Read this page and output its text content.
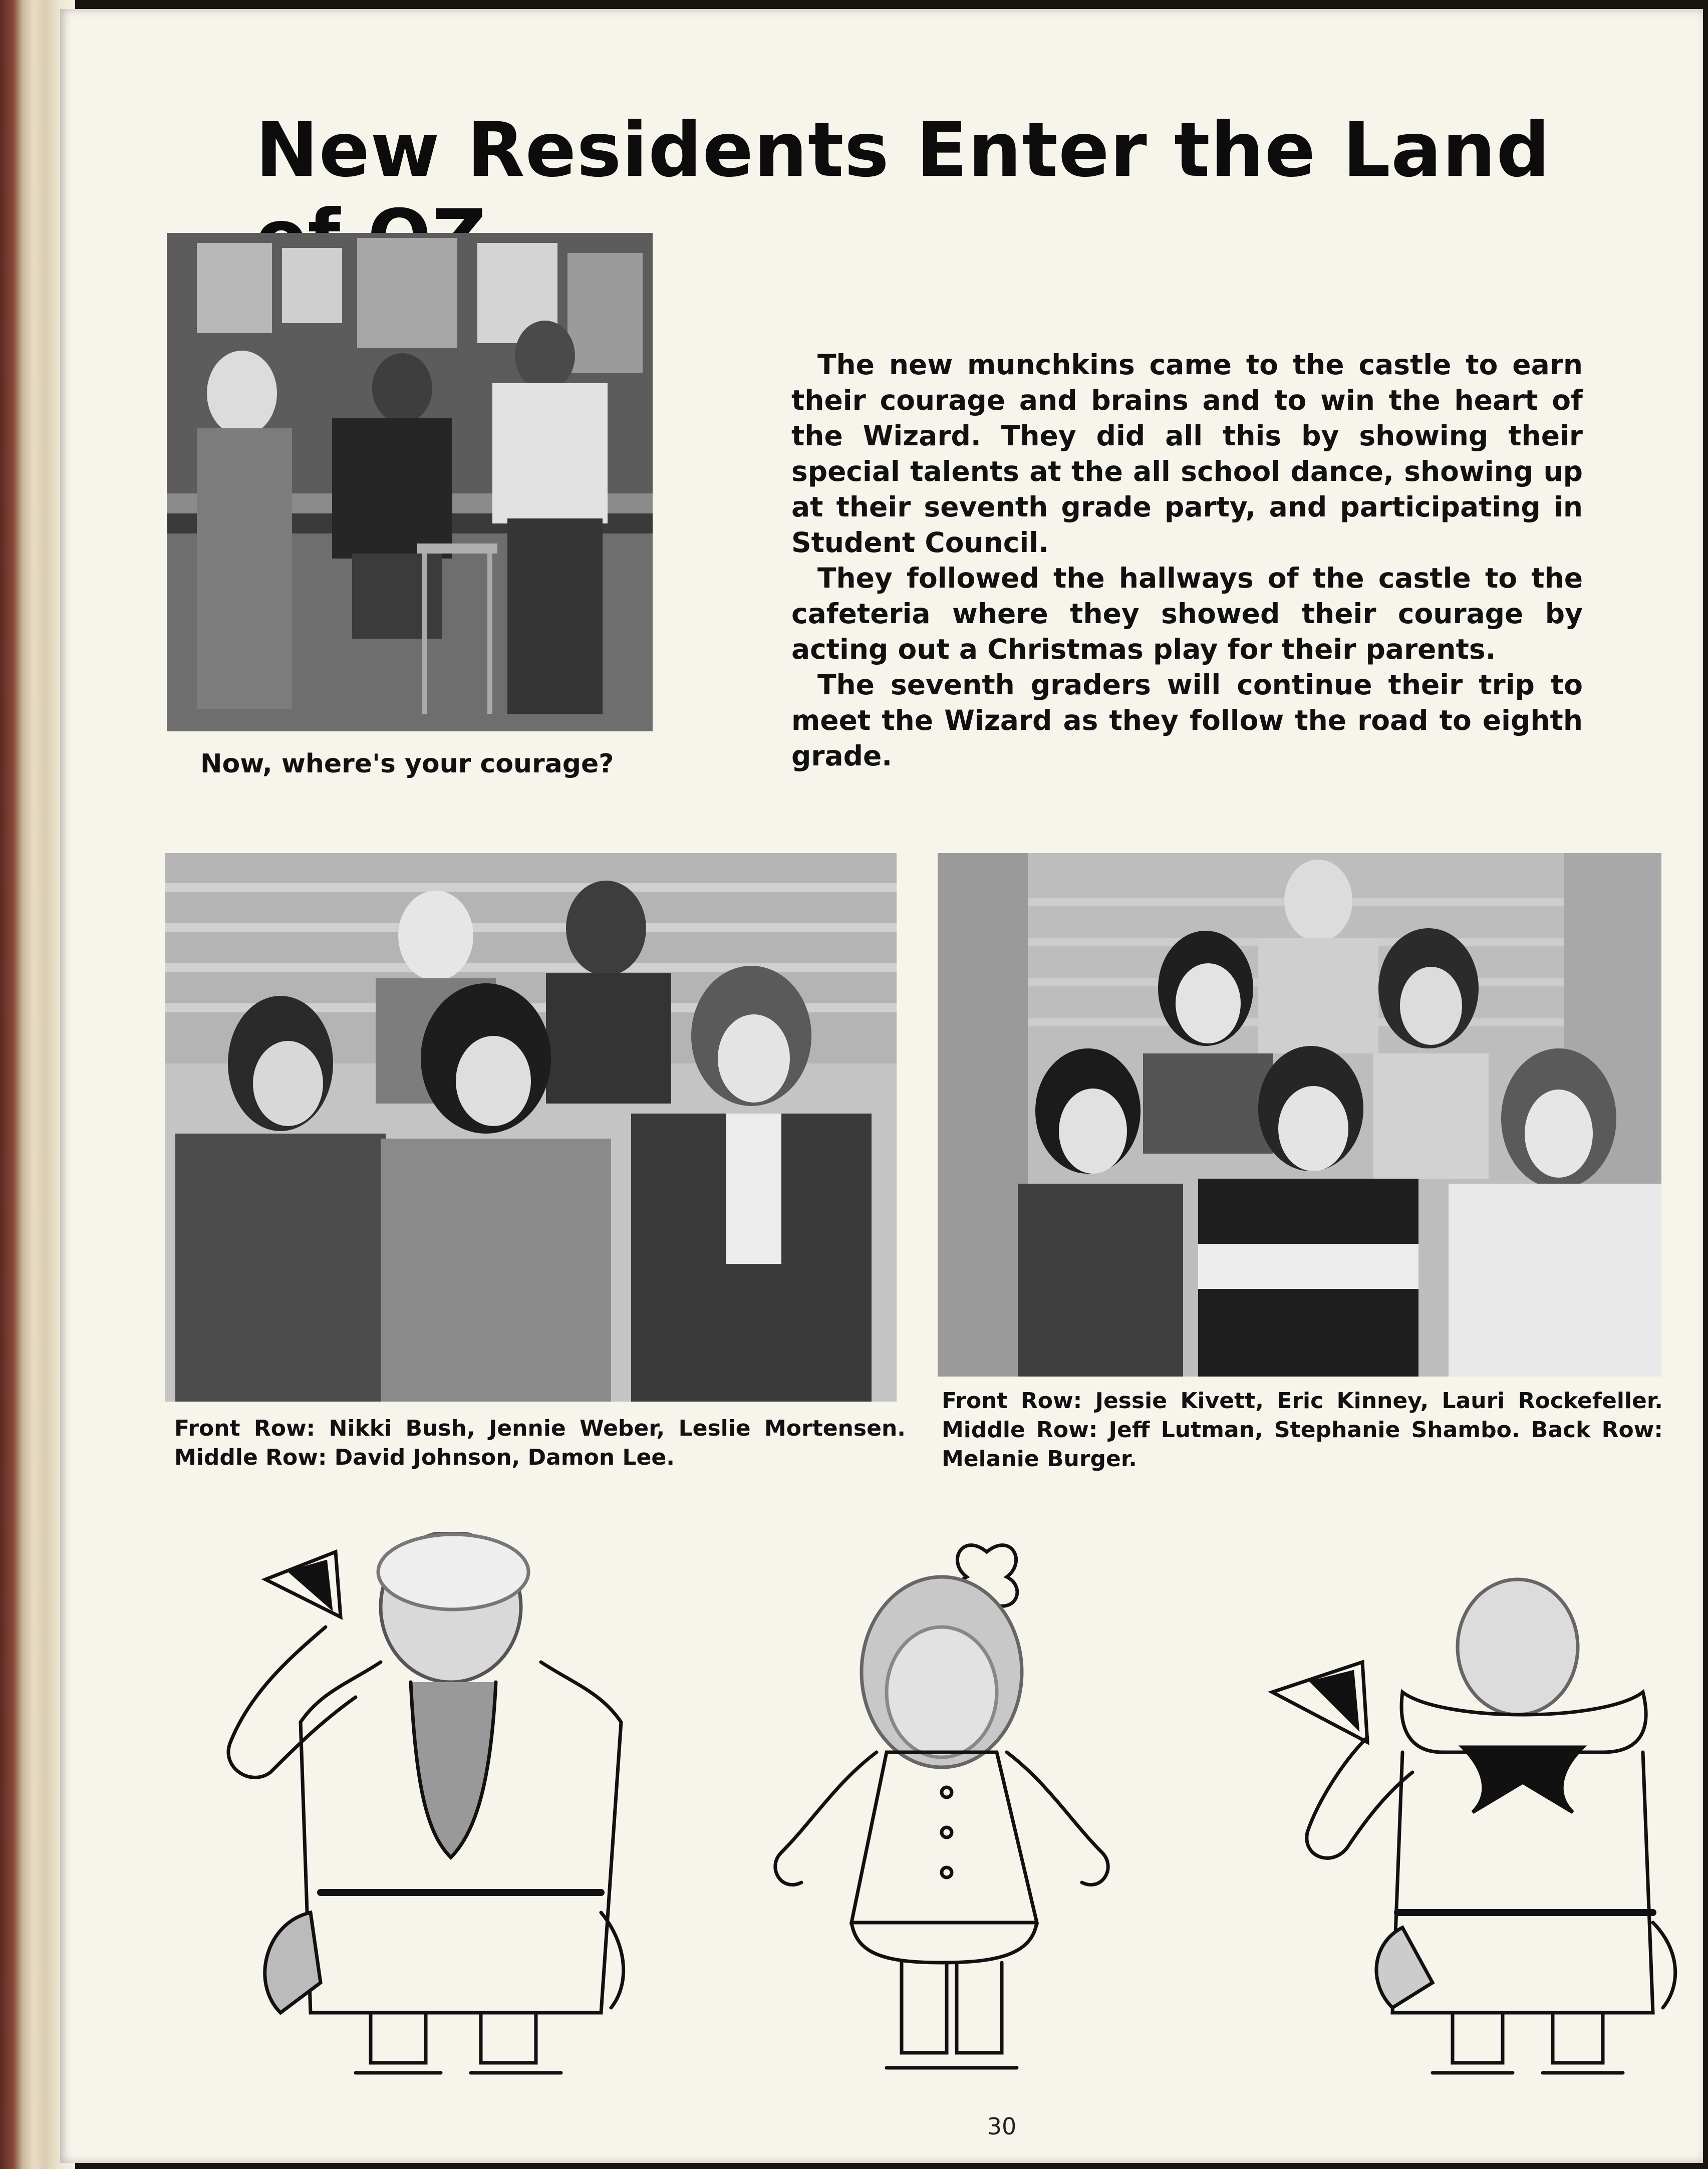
New Residents Enter the Land

Now, where's your courage?

The new munchkins came to the castle to earn their courage and brains and to win the heart of the Wizard. They did all this by showing their special talents at the all school dance, showing up at their seventh grade party, and participating in Student Council.

They followed the hallways of the castle to the cafeteria where they showed their courage by acting out a Christmas play for their parents.

The seventh graders will continue their trip to meet the Wizard as they follow the road to eighth grade.

Front Row: Nikki Bush, Jennie Weber, Leslie Mortensen. Middle Row: David Johnson, Damon Lee.

Front Row: Jessie Kivett, Eric Kinney, Lauri Rockefeller. Middle Row: Jeff Lutman, Stephanie Shambo. Back Row: Melanie Burger.

30
